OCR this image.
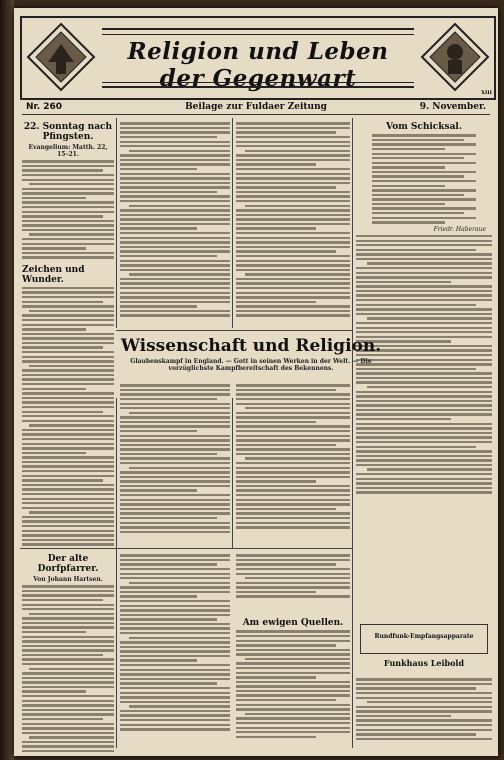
Religion und Leben der Gegenwart
XIII
Nr. 260	Beilage zur Fuldaer Zeitung	9. November.
22. Sonntag nach Pfingsten.
Evangelium: Matth. 22, 15–21.
Zeichen und Wunder.
Vom Schicksal.
Friedr. Haberaue
Rundfunk-Empfangsapparate
Funkhaus Leibold
Wissenschaft und Religion.
Glaubenskampf in England. — Gott in seinen Werken in der Welt. — Die vorzüglichste Kampfbereitschaft des Bekennens.
Der alte Dorfpfarrer.
Von Johann Hartsen.
Am ewigen Quellen.
